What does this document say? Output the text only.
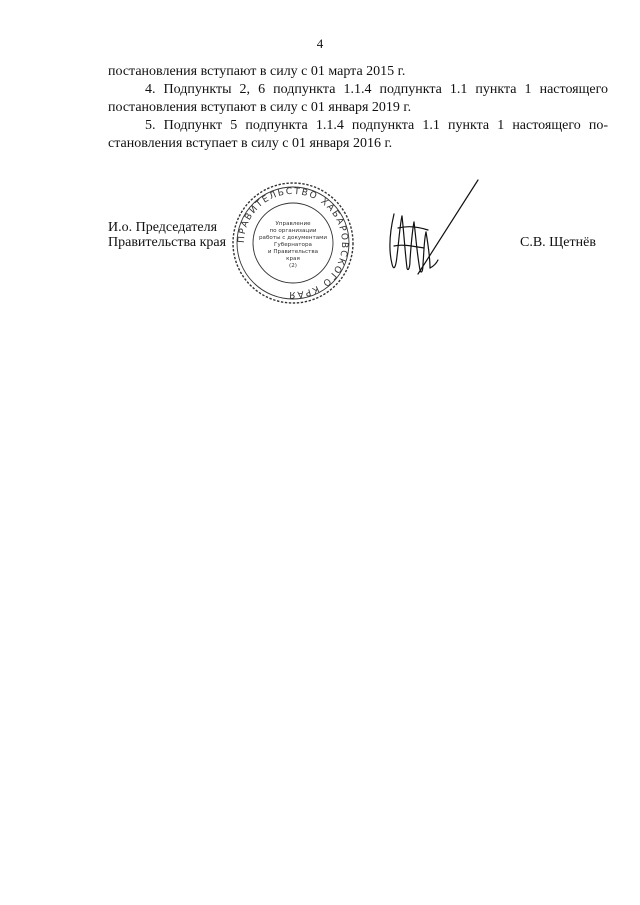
4

постановления вступают в силу с 01 марта 2015 г.

4. Подпункты 2, 6 подпункта 1.1.4 подпункта 1.1 пункта 1 настоящего постановления вступают в силу с 01 января 2019 г.

5. Подпункт 5 подпункта 1.1.4 подпункта 1.1 пункта 1 настоящего по-становления вступает в силу с 01 января 2016 г.

И.о. Председателя
Правительства края	С.В. Щетнёв
ПРАВИТЕЛЬСТВО ХАБАРОВСКОГО КРАЯ
Управление
по организации
работы с документами
Губернатора
и Правительства
края
(2)
